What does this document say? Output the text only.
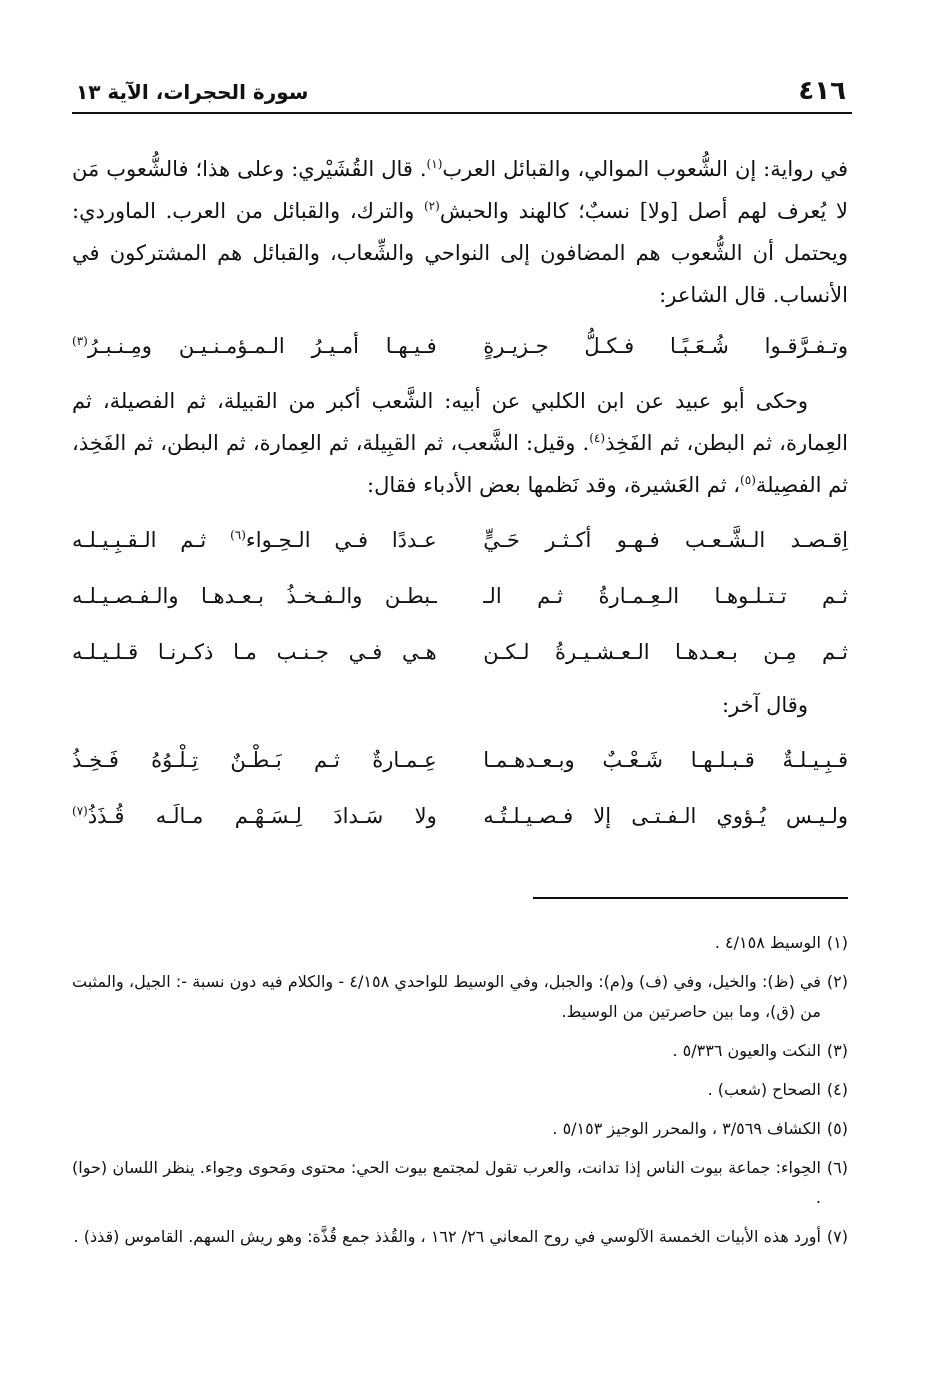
٤١٦
سورة الحجرات، الآية ١٣

في رواية: إن الشُّعوب الموالي، والقبائل العرب$^{(١)}$. قال القُشَيْري: وعلى هذا؛ فالشُّعوب مَن لا يُعرف لهم أصل [ولا] نسبٌ؛ كالهند والحبش$^{(٢)}$ والترك، والقبائل من العرب. الماوردي: ويحتمل أن الشُّعوب هم المضافون إلى النواحي والشِّعاب، والقبائل هم المشتركون في الأنساب. قال الشاعر:

وتـفـرَّقـوا شُـعَـبًـا فـكـلُّ جـزيـرةٍ
فـيـهـا أمـيـرُ الـمـؤمـنـيـن ومِـنـبـرُ$^{(٣)}$

وحكى أبو عبيد عن ابن الكلبي عن أبيه: الشَّعب أكبر من القبيلة، ثم الفصيلة، ثم العِمارة، ثم البطن، ثم الفَخِذ$^{(٤)}$. وقيل: الشَّعب، ثم القبِيلة، ثم العِمارة، ثم البطن، ثم الفَخِذ، ثم الفصِيلة$^{(٥)}$، ثم العَشيرة، وقد نَظمها بعض الأدباء فقال:

اِقـصـد الـشَّـعـب فـهـو أكـثـر حَـيٍّ
عـددًا فـي الـحِـواء$^{(٦)}$ ثـم الـقـبِـيـلـه
ثـم تـتـلـوهـا الـعِـمـارةُ ثـم الـ
ـبطـن والـفـخـذُ بـعـدهـا والـفـصـيـلـه
ثـم مِـن بـعـدهـا الـعـشـيـرةُ لـكـن
هـي فـي جـنـب مـا ذكـرنـا قـلـيـلـه

وقال آخر:

قـبِـيـلـةٌ قـبـلـهـا شَـعْـبٌ وبـعـدهـمـا
عِـمـارةٌ ثـم بَـطْـنٌ تِـلْـوُهُ فَـخِـذُ
ولـيـس يُـؤوي الـفـتـى إلا فـصـيـلـتُـه
ولا سَـدادَ لِـسَـهْـم مـالَـه قُـذَذُ$^{(٧)}$
(١)
الوسيط ٤/١٥٨ .
(٢)
في (ظ): والخيل، وفي (ف) و(م): والجبل، وفي الوسيط للواحدي ٤/١٥٨ - والكلام فيه دون نسبة -: الجيل، والمثبت من (ق)، وما بين حاصرتين من الوسيط.
(٣)
النكت والعيون ٥/٣٣٦ .
(٤)
الصحاح (شعب) .
(٥)
الكشاف ٣/٥٦٩ ، والمحرر الوجيز ٥/١٥٣ .
(٦)
الحِواء: جماعة بيوت الناس إذا تدانت، والعرب تقول لمجتمع بيوت الحي: محتوى ومَحوى وحِواء. ينظر اللسان (حوا) .
(٧)
أورد هذه الأبيات الخمسة الآلوسي في روح المعاني ٢٦/ ١٦٢ ، والقُذذ جمع قُذَّة: وهو ريش السهم. القاموس (قذذ) .
